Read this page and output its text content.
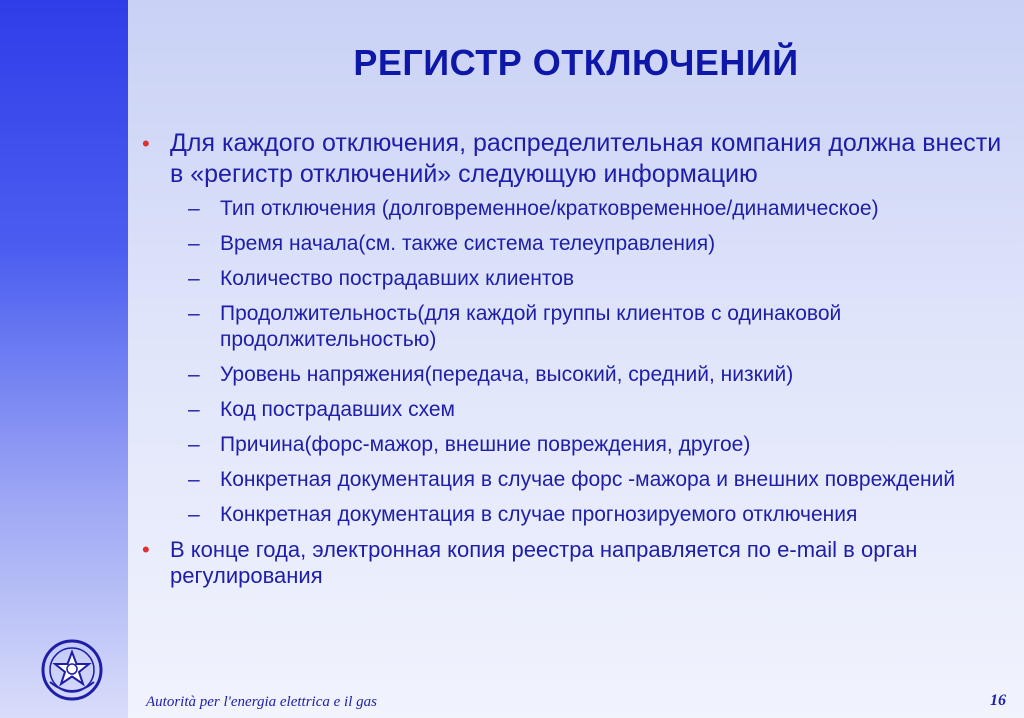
РЕГИСТР ОТКЛЮЧЕНИЙ
• Для каждого отключения, распределительная компания должна внести в «регистр отключений» следующую информацию
– Тип отключения (долговременное/кратковременное/динамическое)
– Время начала(см. также система телеуправления)
– Количество пострадавших клиентов
– Продолжительность(для каждой группы клиентов с одинаковой продолжительностью)
– Уровень напряжения(передача, высокий, средний, низкий)
– Код пострадавших схем
– Причина(форс-мажор, внешние повреждения, другое)
– Конкретная документация в случае форс -мажора и внешних повреждений
– Конкретная документация в случае прогнозируемого отключения
• В конце года, электронная копия реестра направляется по e-mail в орган регулирования
Autorità per l'energia elettrica e il gas	16
